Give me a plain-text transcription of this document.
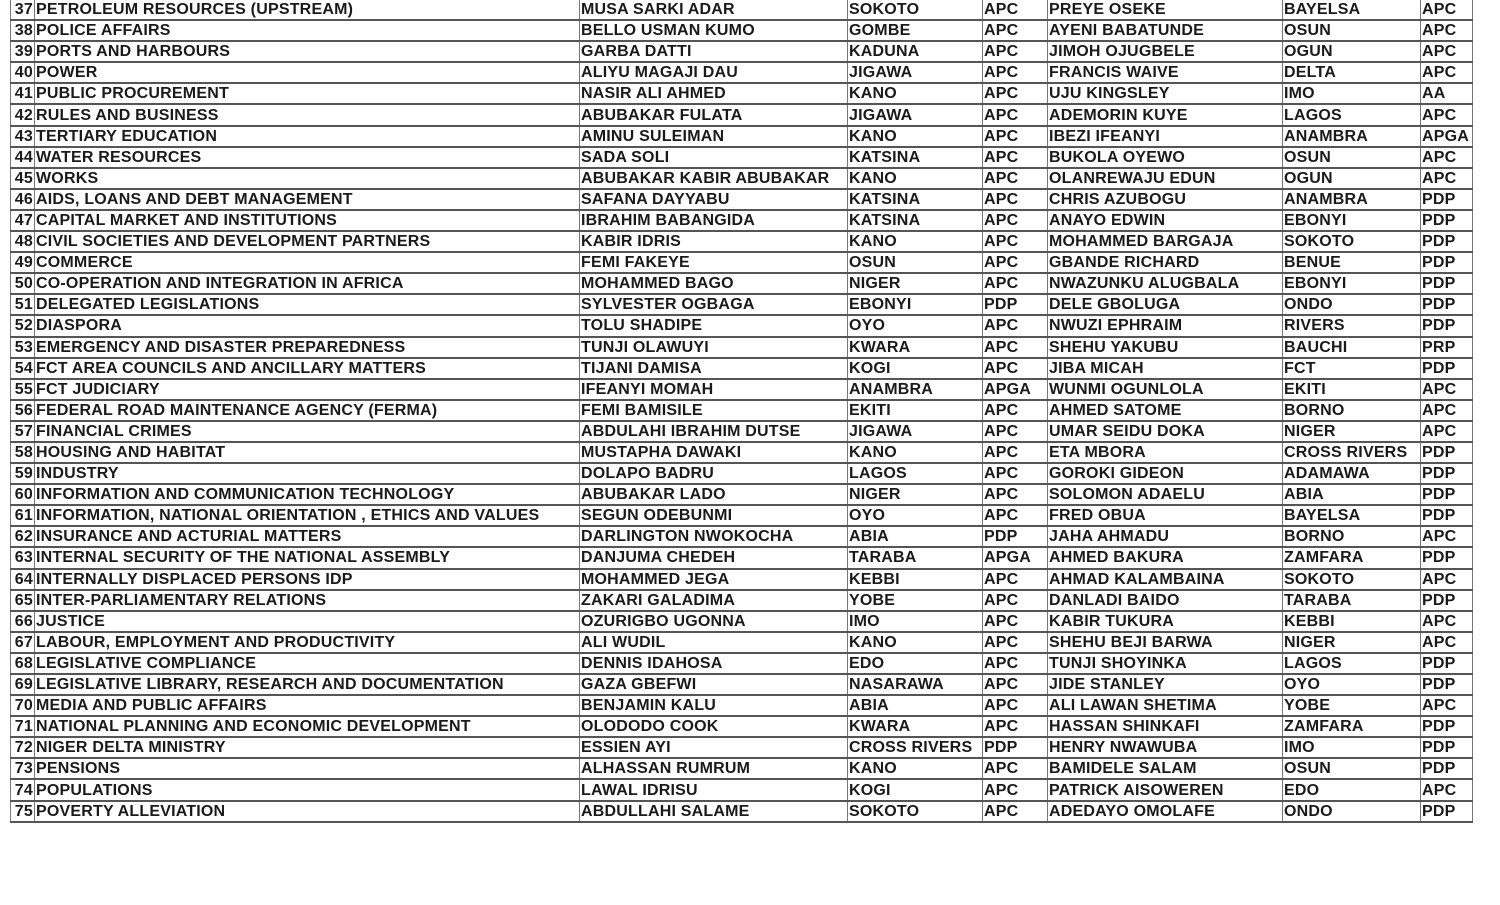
37	PETROLEUM RESOURCES (UPSTREAM)	MUSA SARKI ADAR	SOKOTO	APC	PREYE OSEKE	BAYELSA	APC
38	POLICE AFFAIRS	BELLO USMAN KUMO	GOMBE	APC	AYENI BABATUNDE	OSUN	APC
39	PORTS AND HARBOURS	GARBA DATTI	KADUNA	APC	JIMOH OJUGBELE	OGUN	APC
40	POWER	ALIYU MAGAJI DAU	JIGAWA	APC	FRANCIS WAIVE	DELTA	APC
41	PUBLIC PROCUREMENT	NASIR ALI AHMED	KANO	APC	UJU KINGSLEY	IMO	AA
42	RULES AND BUSINESS	ABUBAKAR FULATA	JIGAWA	APC	ADEMORIN KUYE	LAGOS	APC
43	TERTIARY EDUCATION	AMINU SULEIMAN	KANO	APC	IBEZI IFEANYI	ANAMBRA	APGA
44	WATER RESOURCES	SADA SOLI	KATSINA	APC	BUKOLA OYEWO	OSUN	APC
45	WORKS	ABUBAKAR KABIR ABUBAKAR	KANO	APC	OLANREWAJU EDUN	OGUN	APC
46	AIDS, LOANS AND DEBT MANAGEMENT	SAFANA DAYYABU	KATSINA	APC	CHRIS AZUBOGU	ANAMBRA	PDP
47	CAPITAL MARKET AND INSTITUTIONS	IBRAHIM BABANGIDA	KATSINA	APC	ANAYO EDWIN	EBONYI	PDP
48	CIVIL SOCIETIES AND DEVELOPMENT PARTNERS	KABIR IDRIS	KANO	APC	MOHAMMED BARGAJA	SOKOTO	PDP
49	COMMERCE	FEMI FAKEYE	OSUN	APC	GBANDE RICHARD	BENUE	PDP
50	CO-OPERATION AND INTEGRATION IN AFRICA	MOHAMMED BAGO	NIGER	APC	NWAZUNKU ALUGBALA	EBONYI	PDP
51	DELEGATED LEGISLATIONS	SYLVESTER OGBAGA	EBONYI	PDP	DELE GBOLUGA	ONDO	PDP
52	DIASPORA	TOLU SHADIPE	OYO	APC	NWUZI EPHRAIM	RIVERS	PDP
53	EMERGENCY AND DISASTER PREPAREDNESS	TUNJI OLAWUYI	KWARA	APC	SHEHU YAKUBU	BAUCHI	PRP
54	FCT AREA COUNCILS AND ANCILLARY MATTERS	TIJANI DAMISA	KOGI	APC	JIBA MICAH	FCT	PDP
55	FCT JUDICIARY	IFEANYI MOMAH	ANAMBRA	APGA	WUNMI OGUNLOLA	EKITI	APC
56	FEDERAL ROAD MAINTENANCE AGENCY (FERMA)	FEMI BAMISILE	EKITI	APC	AHMED SATOME	BORNO	APC
57	FINANCIAL CRIMES	ABDULAHI IBRAHIM DUTSE	JIGAWA	APC	UMAR SEIDU DOKA	NIGER	APC
58	HOUSING AND HABITAT	MUSTAPHA DAWAKI	KANO	APC	ETA MBORA	CROSS RIVERS	PDP
59	INDUSTRY	DOLAPO BADRU	LAGOS	APC	GOROKI GIDEON	ADAMAWA	PDP
60	INFORMATION AND COMMUNICATION TECHNOLOGY	ABUBAKAR LADO	NIGER	APC	SOLOMON ADAELU	ABIA	PDP
61	INFORMATION, NATIONAL ORIENTATION , ETHICS AND VALUES	SEGUN ODEBUNMI	OYO	APC	FRED OBUA	BAYELSA	PDP
62	INSURANCE AND ACTURIAL MATTERS	DARLINGTON NWOKOCHA	ABIA	PDP	JAHA AHMADU	BORNO	APC
63	INTERNAL SECURITY OF THE NATIONAL ASSEMBLY	DANJUMA CHEDEH	TARABA	APGA	AHMED BAKURA	ZAMFARA	PDP
64	INTERNALLY DISPLACED PERSONS IDP	MOHAMMED JEGA	KEBBI	APC	AHMAD KALAMBAINA	SOKOTO	APC
65	INTER-PARLIAMENTARY RELATIONS	ZAKARI GALADIMA	YOBE	APC	DANLADI BAIDO	TARABA	PDP
66	JUSTICE	OZURIGBO UGONNA	IMO	APC	KABIR TUKURA	KEBBI	APC
67	LABOUR, EMPLOYMENT AND PRODUCTIVITY	ALI WUDIL	KANO	APC	SHEHU BEJI BARWA	NIGER	APC
68	LEGISLATIVE COMPLIANCE	DENNIS IDAHOSA	EDO	APC	TUNJI SHOYINKA	LAGOS	PDP
69	LEGISLATIVE LIBRARY, RESEARCH AND DOCUMENTATION	GAZA GBEFWI	NASARAWA	APC	JIDE STANLEY	OYO	PDP
70	MEDIA AND PUBLIC AFFAIRS	BENJAMIN KALU	ABIA	APC	ALI LAWAN SHETIMA	YOBE	APC
71	NATIONAL PLANNING AND ECONOMIC DEVELOPMENT	OLODODO COOK	KWARA	APC	HASSAN SHINKAFI	ZAMFARA	PDP
72	NIGER DELTA MINISTRY	ESSIEN AYI	CROSS RIVERS	PDP	HENRY NWAWUBA	IMO	PDP
73	PENSIONS	ALHASSAN RUMRUM	KANO	APC	BAMIDELE SALAM	OSUN	PDP
74	POPULATIONS	LAWAL IDRISU	KOGI	APC	PATRICK AISOWEREN	EDO	APC
75	POVERTY ALLEVIATION	ABDULLAHI SALAME	SOKOTO	APC	ADEDAYO OMOLAFE	ONDO	PDP
